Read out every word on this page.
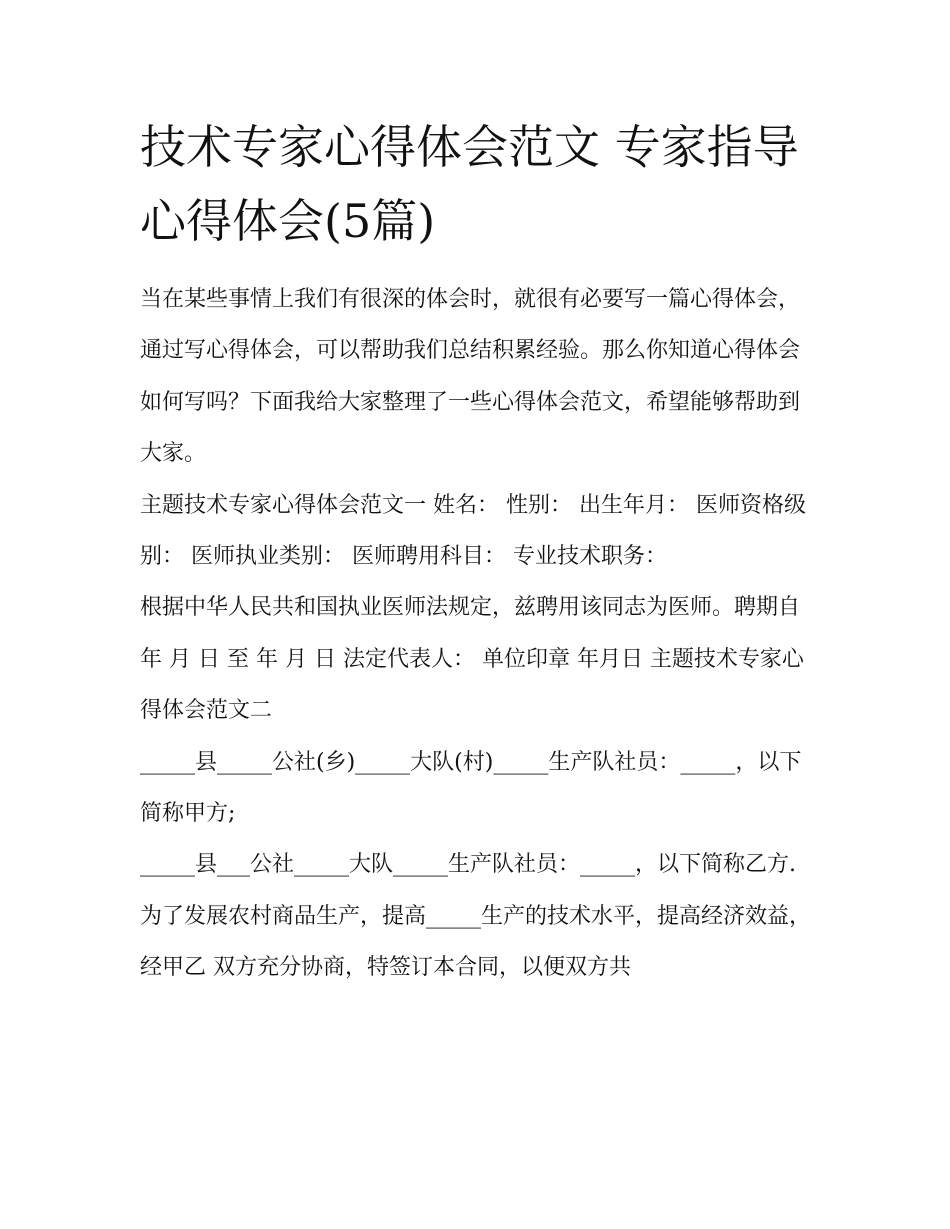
技术专家心得体会范文 专家指导心得体会(5篇)

当在某些事情上我们有很深的体会时，就很有必要写一篇心得体会，通过写心得体会，可以帮助我们总结积累经验。那么你知道心得体会如何写吗？下面我给大家整理了一些心得体会范文，希望能够帮助到大家。

主题技术专家心得体会范文一 姓名： 性别： 出生年月： 医师资格级别： 医师执业类别： 医师聘用科目： 专业技术职务：

根据中华人民共和国执业医师法规定，兹聘用该同志为医师。聘期自 年 月 日 至 年 月 日 法定代表人： 单位印章 年月日 主题技术专家心得体会范文二

_____县_____公社(乡)_____大队(村)_____生产队社员：_____，以下简称甲方;

_____县___公社_____大队_____生产队社员：_____，以下简称乙方.

为了发展农村商品生产，提高_____生产的技术水平，提高经济效益，经甲乙 双方充分协商，特签订本合同，以便双方共
